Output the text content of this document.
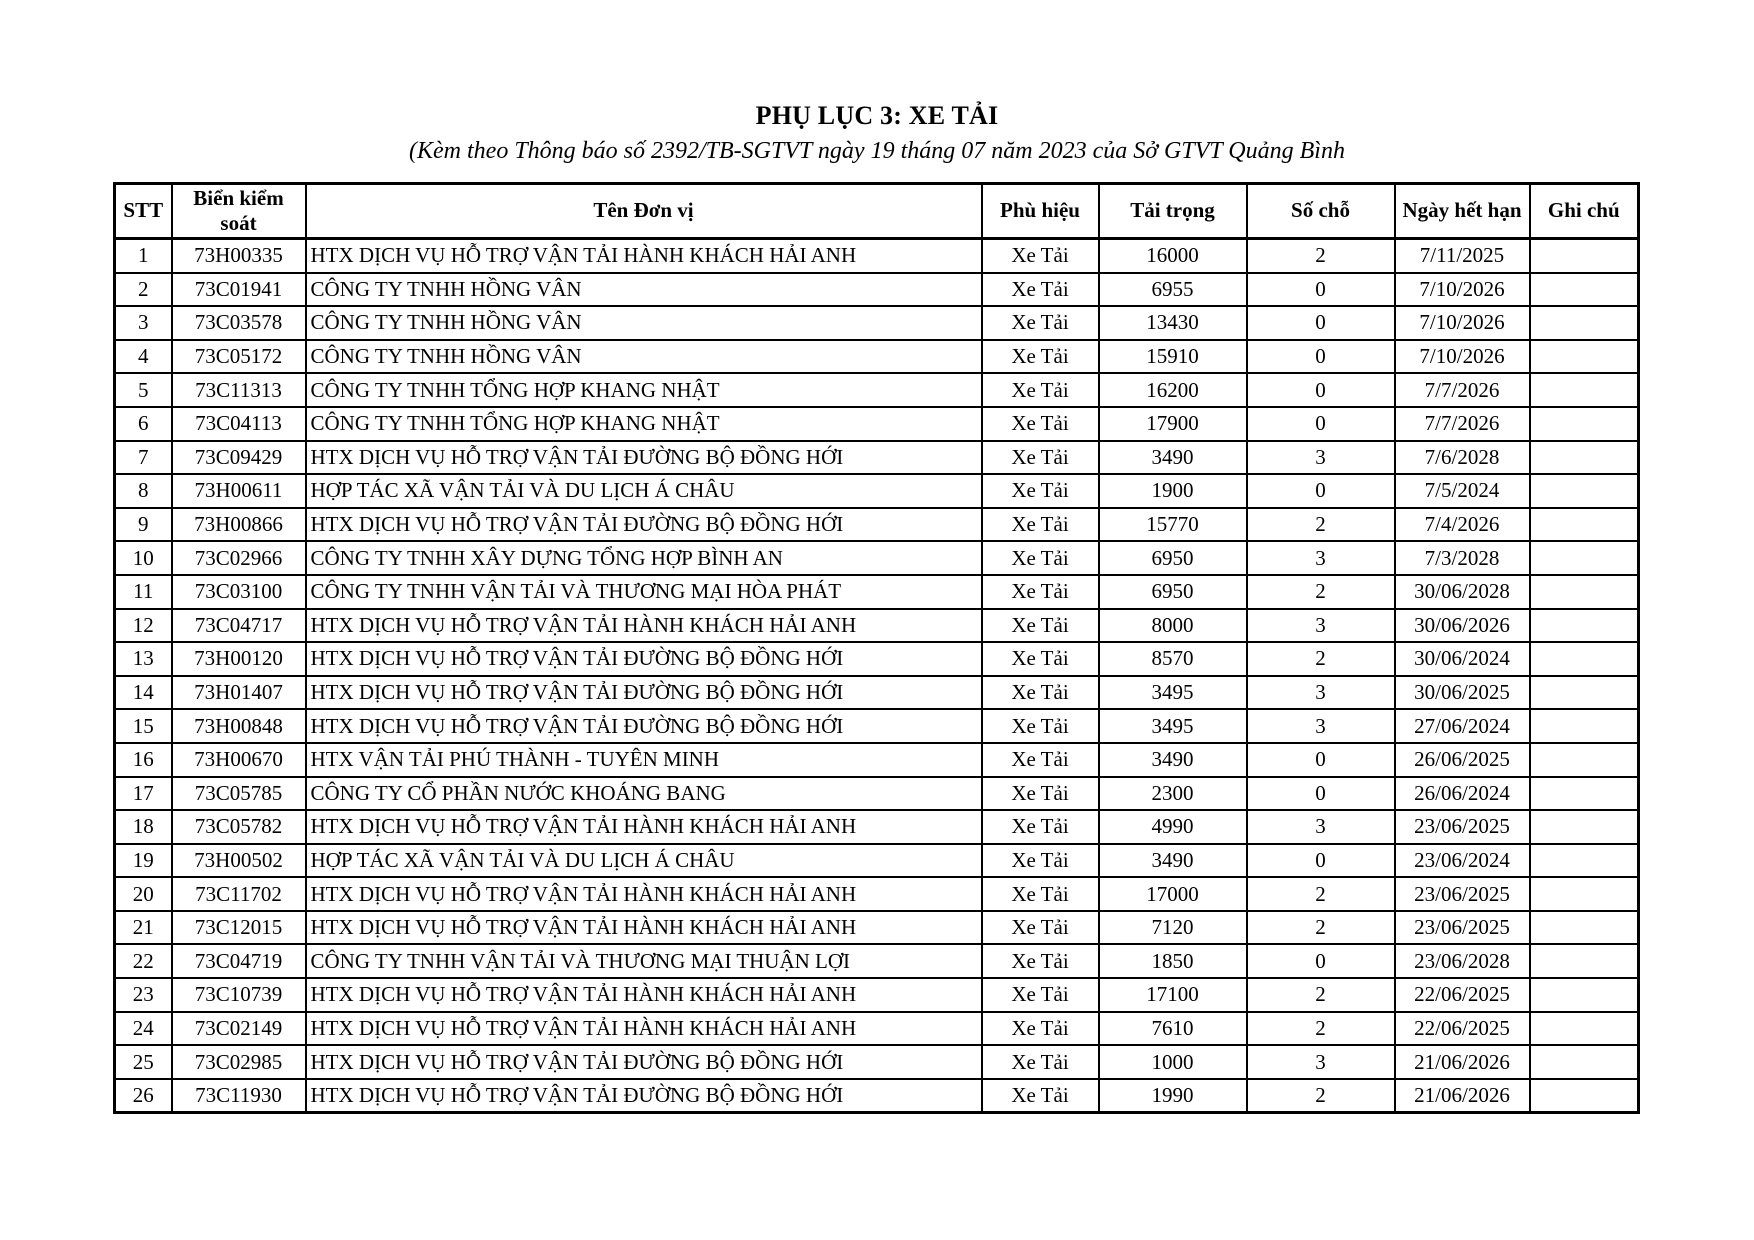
PHỤ LỤC 3: XE TẢI

(Kèm theo Thông báo số 2392/TB-SGTVT ngày 19 tháng 07 năm 2023 của Sở GTVT Quảng Bình

STT	Biển kiểm soát	Tên Đơn vị	Phù hiệu	Tải trọng	Số chỗ	Ngày hết hạn	Ghi chú
1	73H00335	HTX DỊCH VỤ HỖ TRỢ VẬN TẢI HÀNH KHÁCH HẢI ANH	Xe Tải	16000	2	7/11/2025	
2	73C01941	CÔNG TY TNHH HỒNG VÂN	Xe Tải	6955	0	7/10/2026	
3	73C03578	CÔNG TY TNHH HỒNG VÂN	Xe Tải	13430	0	7/10/2026	
4	73C05172	CÔNG TY TNHH HỒNG VÂN	Xe Tải	15910	0	7/10/2026	
5	73C11313	CÔNG TY TNHH TỔNG HỢP KHANG NHẬT	Xe Tải	16200	0	7/7/2026	
6	73C04113	CÔNG TY TNHH TỔNG HỢP KHANG NHẬT	Xe Tải	17900	0	7/7/2026	
7	73C09429	HTX DỊCH VỤ HỖ TRỢ VẬN TẢI ĐƯỜNG BỘ ĐỒNG HỚI	Xe Tải	3490	3	7/6/2028	
8	73H00611	HỢP TÁC XÃ VẬN TẢI VÀ DU LỊCH Á CHÂU	Xe Tải	1900	0	7/5/2024	
9	73H00866	HTX DỊCH VỤ HỖ TRỢ VẬN TẢI ĐƯỜNG BỘ ĐỒNG HỚI	Xe Tải	15770	2	7/4/2026	
10	73C02966	CÔNG TY TNHH XÂY DỰNG TỔNG HỢP BÌNH AN	Xe Tải	6950	3	7/3/2028	
11	73C03100	CÔNG TY TNHH VẬN TẢI VÀ THƯƠNG MẠI HÒA PHÁT	Xe Tải	6950	2	30/06/2028	
12	73C04717	HTX DỊCH VỤ HỖ TRỢ VẬN TẢI HÀNH KHÁCH HẢI ANH	Xe Tải	8000	3	30/06/2026	
13	73H00120	HTX DỊCH VỤ HỖ TRỢ VẬN TẢI ĐƯỜNG BỘ ĐỒNG HỚI	Xe Tải	8570	2	30/06/2024	
14	73H01407	HTX DỊCH VỤ HỖ TRỢ VẬN TẢI ĐƯỜNG BỘ ĐỒNG HỚI	Xe Tải	3495	3	30/06/2025	
15	73H00848	HTX DỊCH VỤ HỖ TRỢ VẬN TẢI ĐƯỜNG BỘ ĐỒNG HỚI	Xe Tải	3495	3	27/06/2024	
16	73H00670	HTX VẬN TẢI PHÚ THÀNH - TUYÊN MINH	Xe Tải	3490	0	26/06/2025	
17	73C05785	CÔNG TY CỔ PHẦN NƯỚC KHOÁNG BANG	Xe Tải	2300	0	26/06/2024	
18	73C05782	HTX DỊCH VỤ HỖ TRỢ VẬN TẢI HÀNH KHÁCH HẢI ANH	Xe Tải	4990	3	23/06/2025	
19	73H00502	HỢP TÁC XÃ VẬN TẢI VÀ DU LỊCH Á CHÂU	Xe Tải	3490	0	23/06/2024	
20	73C11702	HTX DỊCH VỤ HỖ TRỢ VẬN TẢI HÀNH KHÁCH HẢI ANH	Xe Tải	17000	2	23/06/2025	
21	73C12015	HTX DỊCH VỤ HỖ TRỢ VẬN TẢI HÀNH KHÁCH HẢI ANH	Xe Tải	7120	2	23/06/2025	
22	73C04719	CÔNG TY TNHH VẬN TẢI VÀ THƯƠNG MẠI THUẬN LỢI	Xe Tải	1850	0	23/06/2028	
23	73C10739	HTX DỊCH VỤ HỖ TRỢ VẬN TẢI HÀNH KHÁCH HẢI ANH	Xe Tải	17100	2	22/06/2025	
24	73C02149	HTX DỊCH VỤ HỖ TRỢ VẬN TẢI HÀNH KHÁCH HẢI ANH	Xe Tải	7610	2	22/06/2025	
25	73C02985	HTX DỊCH VỤ HỖ TRỢ VẬN TẢI ĐƯỜNG BỘ ĐỒNG HỚI	Xe Tải	1000	3	21/06/2026	
26	73C11930	HTX DỊCH VỤ HỖ TRỢ VẬN TẢI ĐƯỜNG BỘ ĐỒNG HỚI	Xe Tải	1990	2	21/06/2026	
